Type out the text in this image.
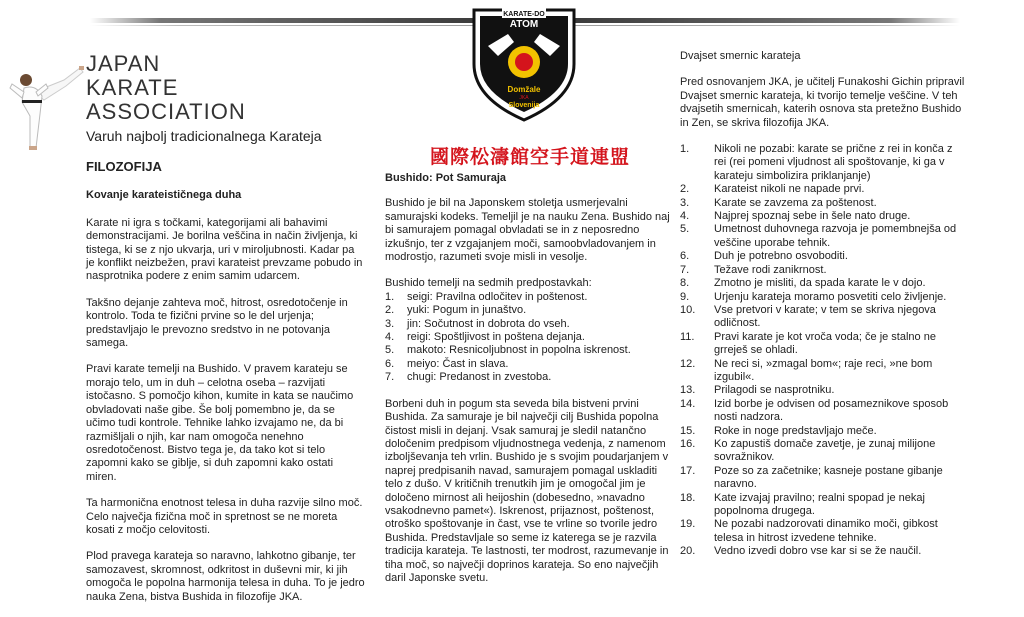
JAPAN
KARATE
ASSOCIATION
Varuh najbolj tradicionalnega Karateja
KARATE-DO
ATOM
Domžale
JKA
Slovenija
國際松濤館空手道連盟
FILOZOFIJA
Kovanje karateističnega duha

Karate ni igra s točkami, kategorijami ali bahavimi demonstracijami. Je borilna veščina in način življenja, ki tistega, ki se z njo ukvarja, uri v miroljubnosti. Kadar pa je konflikt neizbežen, pravi karateist prevzame pobudo in nasprotnika podere z enim samim udarcem.

Takšno dejanje zahteva moč, hitrost, osredotočenje in kontrolo. Toda te fizični prvine so le del urjenja; predstavljajo le prevozno sredstvo in ne potovanja samega.

Pravi karate temelji na Bushido. V pravem karateju se morajo telo, um in duh – celotna oseba – razvijati istočasno. S pomočjo kihon, kumite in kata se naučimo obvladovati naše gibe. Še bolj pomembno je, da se učimo tudi kontrole. Tehnike lahko izvajamo ne, da bi razmišljali o njih, kar nam omogoča nenehno osredotočenost. Bistvo tega je, da tako kot si telo zapomni kako se giblje, si duh zapomni kako ostati miren.

Ta harmonična enotnost telesa in duha razvije silno moč. Celo največja fizična moč in spretnost se ne moreta kosati z močjo celovitosti.

Plod pravega karateja so naravno, lahkotno gibanje, ter samozavest, skromnost, odkritost in duševni mir, ki jih omogoča le popolna harmonija telesa in duha. To je jedro nauka Zena, bistva Bushida in filozofije JKA.

Bushido: Pot Samuraja

Bushido je bil na Japonskem stoletja usmerjevalni samurajski kodeks. Temeljil je na nauku Zena. Bushido naj bi samurajem pomagal obvladati se in z neposredno izkušnjo, ter z vzgajanjem moči, samoobvladovanjem in modrostjo, razumeti svoje misli in vesolje.

Bushido temelji na sedmih predpostavkah:
1.	seigi: Pravilna odločitev in poštenost.
2.	yuki: Pogum in junaštvo.
3.	jin: Sočutnost in dobrota do vseh.
4.	reigi: Spoštljivost in poštena dejanja.
5.	makoto: Resnicoljubnost in popolna iskrenost.
6.	meiyo: Čast in slava.
7.	chugi: Predanost in zvestoba.

Borbeni duh in pogum sta seveda bila bistveni prvini Bushida. Za samuraje je bil največji cilj Bushida popolna čistost misli in dejanj. Vsak samuraj je sledil natančno določenim predpisom vljudnostnega vedenja, z namenom izboljševanja teh vrlin. Bushido je s svojim poudarjanjem v naprej predpisanih navad, samurajem pomagal uskladiti telo z dušo. V kritičnih trenutkih jim je omogočal jim je določeno mirnost ali heijoshin (dobesedno, »navadno vsakodnevno pamet«). Iskrenost, prijaznost, poštenost, otroško spoštovanje in čast, vse te vrline so tvorile jedro Bushida. Predstavljale so seme iz katerega se je razvila tradicija karateja. Te lastnosti, ter modrost, razumevanje in tiha moč, so največji doprinos karateja. So eno največjih daril Japonske svetu.

Dvajset smernic karateja

Pred osnovanjem JKA, je učitelj Funakoshi Gichin pripravil Dvajset smernic karateja, ki tvorijo temelje veščine. V teh dvajsetih smernicah, katerih osnova sta pretežno Bushido in Zen, se skriva filozofija JKA.

1.	Nikoli ne pozabi: karate se prične z rei in konča z rei (rei pomeni vljudnost ali spoštovanje, ki ga v karateju simbolizira priklanjanje)
2.	Karateist nikoli ne napade prvi.
3.	Karate se zavzema za poštenost.
4.	Najprej spoznaj sebe in šele nato druge.
5.	Umetnost duhovnega razvoja je pomembnejša od veščine uporabe tehnik.
6.	Duh je potrebno osvoboditi.
7.	Težave rodi zanikrnost.
8.	Zmotno je misliti, da spada karate le v dojo.
9.	Urjenju karateja moramo posvetiti celo življenje.
10.	Vse pretvori v karate; v tem se skriva njegova odličnost.
11.	Pravi karate je kot vroča voda; če je stalno ne grreješ se ohladi.
12.	Ne reci si, »zmagal bom«; raje reci, »ne bom izgubil«.
13.	Prilagodi se nasprotniku.
14.	Izid borbe je odvisen od posameznikove sposob nosti nadzora.
15.	Roke in noge predstavljajo meče.
16.	Ko zapustiš domače zavetje, je zunaj milijone sovražnikov.
17.	Poze so za začetnike; kasneje postane gibanje naravno.
18.	Kate izvajaj pravilno; realni spopad je nekaj popolnoma drugega.
19.	Ne pozabi nadzorovati dinamiko moči, gibkost telesa in hitrost izvedene tehnike.
20.	Vedno izvedi dobro vse kar si se že naučil.
